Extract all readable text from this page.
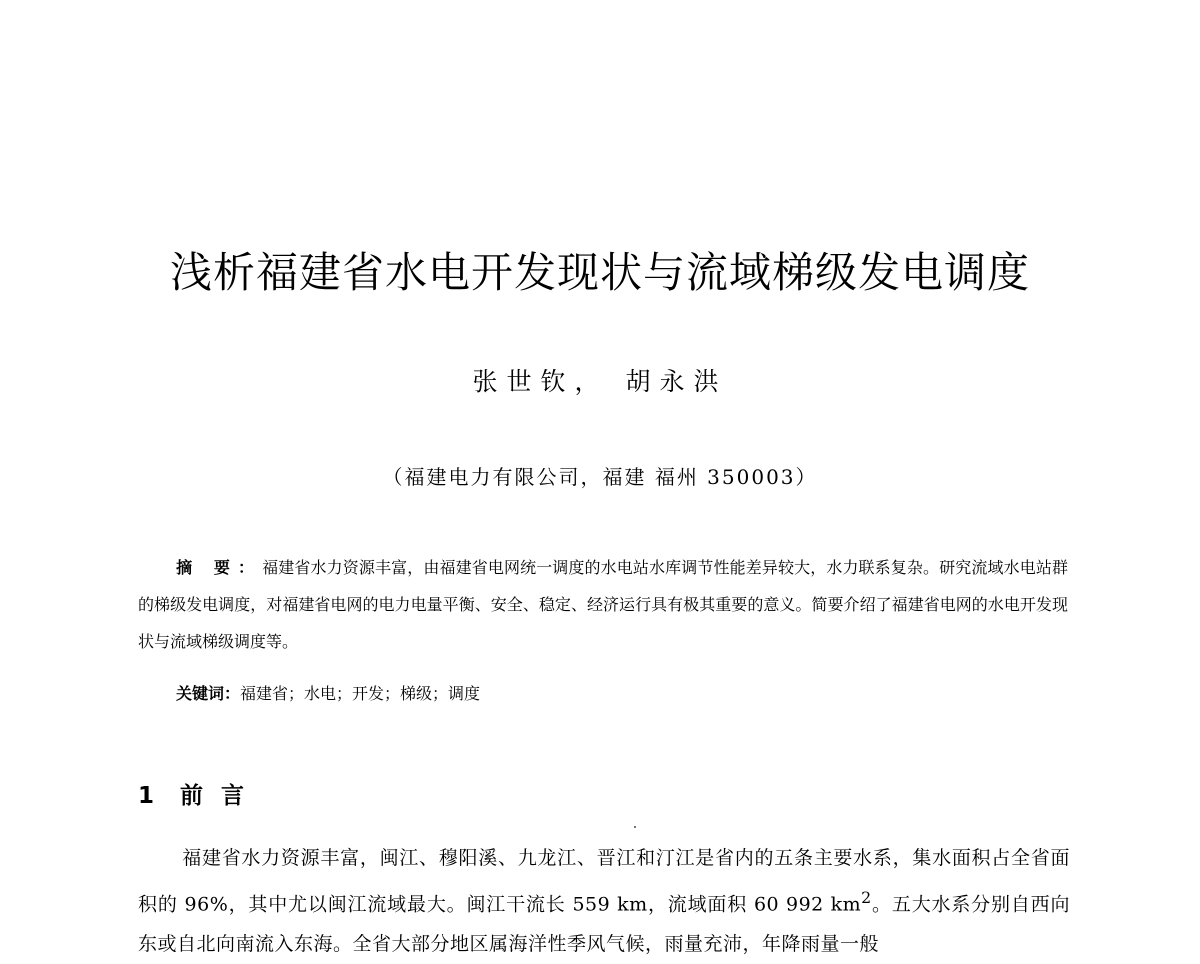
浅析福建省水电开发现状与流域梯级发电调度
张世钦， 胡永洪
（福建电力有限公司，福建 福州 350003）

摘 要：福建省水力资源丰富，由福建省电网统一调度的水电站水库调节性能差异较大，水力联系复杂。研究流域水电站群的梯级发电调度，对福建省电网的电力电量平衡、安全、稳定、经济运行具有极其重要的意义。简要介绍了福建省电网的水电开发现状与流域梯级调度等。

关键词：福建省；水电；开发；梯级；调度
1 前言

福建省水力资源丰富，闽江、穆阳溪、九龙江、晋江和汀江是省内的五条主要水系，集水面积占全省面积的 96%，其中尤以闽江流域最大。闽江干流长 559 km，流域面积 60 992 $km^2$。五大水系分别自西向东或自北向南流入东海。全省大部分地区属海洋性季风气候，雨量充沛，年降雨量一般
